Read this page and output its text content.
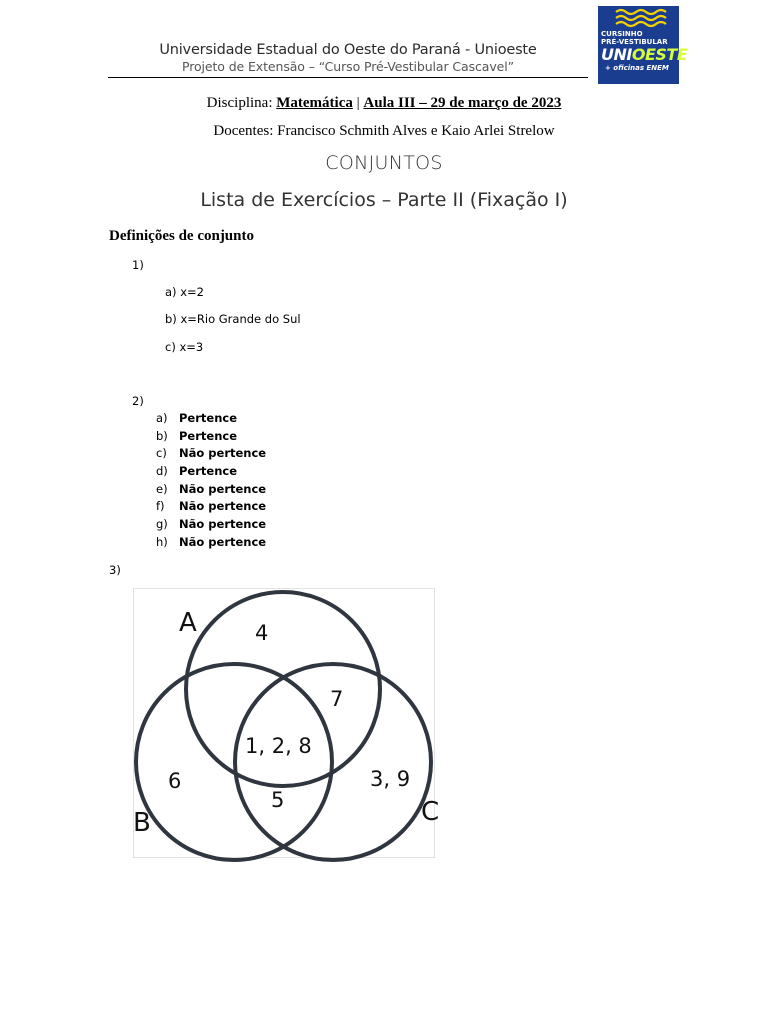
Universidade Estadual do Oeste do Paraná - Unioeste
Projeto de Extensão – “Curso Pré-Vestibular Cascavel”
CURSINHO
PRÉ-VESTIBULAR
UNIOESTE
+ oficinas ENEM
Disciplina: Matemática | Aula III – 29 de março de 2023
Docentes: Francisco Schmith Alves e Kaio Arlei Strelow
CONJUNTOS
Lista de Exercícios – Parte II (Fixação I)
Definições de conjunto
1)
a) x=2
b) x=Rio Grande do Sul
c) x=3
2)
a) Pertence
b) Pertence
c) Não pertence
d) Pertence
e) Não pertence
f) Não pertence
g) Não pertence
h) Não pertence
3)
A
B	C
4
7
1, 2, 8
6
5
3, 9
